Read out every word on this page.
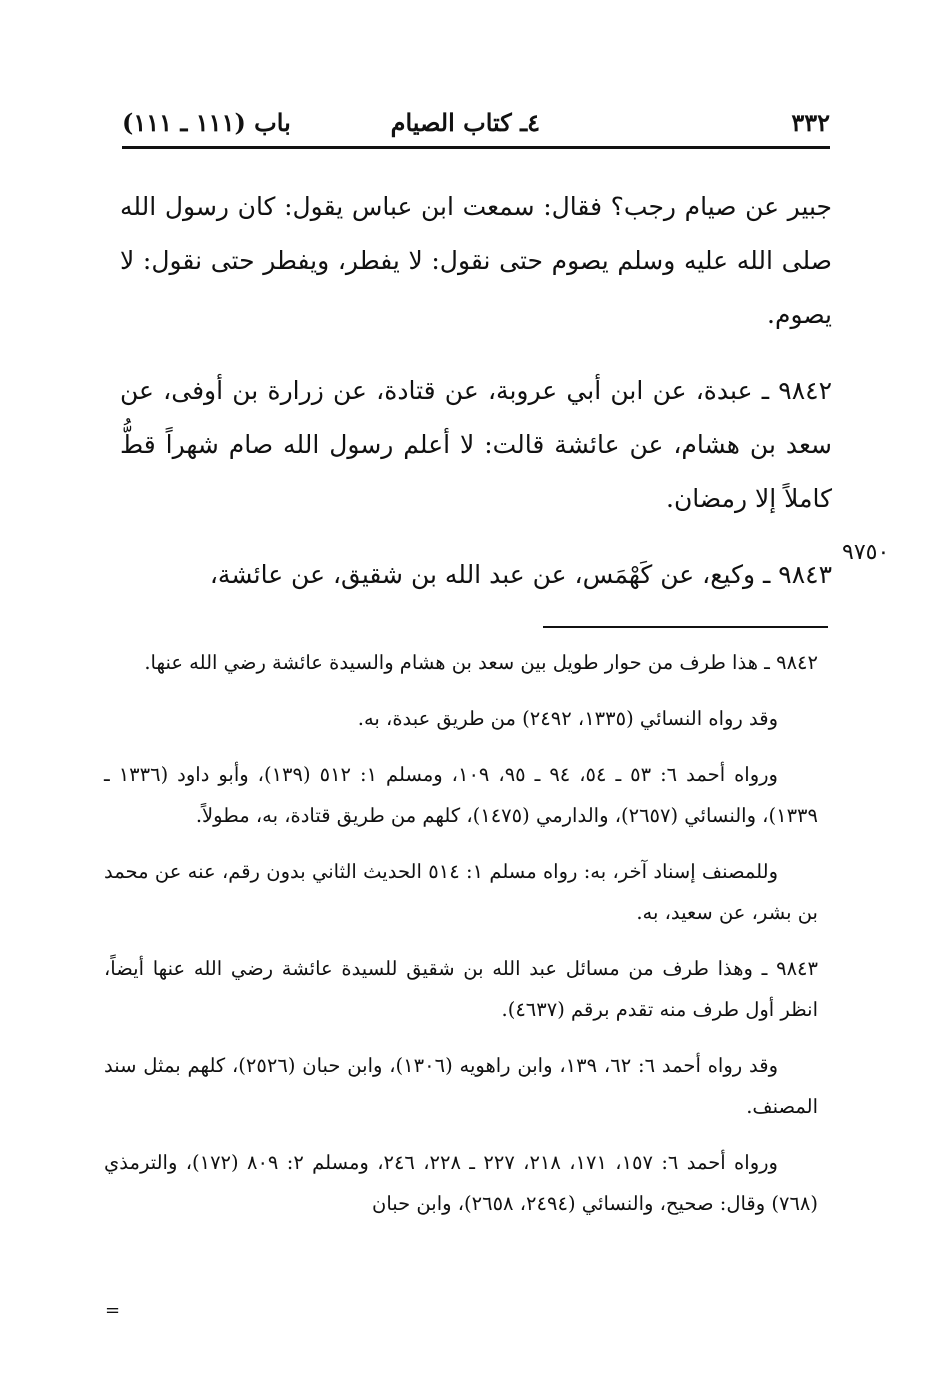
٣٣٢
٤ـ كتاب الصيام
باب (١١١ ـ ١١١)

جبير عن صيام رجب؟ فقال: سمعت ابن عباس يقول: كان رسول الله صلى الله عليه وسلم يصوم حتى نقول: لا يفطر، ويفطر حتى نقول: لا يصوم.

٩٨٤٢ ـ عبدة، عن ابن أبي عروبة، عن قتادة، عن زرارة بن أوفى، عن سعد بن هشام، عن عائشة قالت: لا أعلم رسول الله صام شهراً قطُّ كاملاً إلا رمضان.

٩٨٤٣ ـ وكيع، عن كَهْمَس، عن عبد الله بن شقيق، عن عائشة،

٩٧٥٠

٩٨٤٢ ـ هذا طرف من حوار طويل بين سعد بن هشام والسيدة عائشة رضي الله عنها.

وقد رواه النسائي (١٣٣٥، ٢٤٩٢) من طريق عبدة، به.

ورواه أحمد ٦: ٥٣ ـ ٥٤، ٩٤ ـ ٩٥، ١٠٩، ومسلم ١: ٥١٢ (١٣٩)، وأبو داود (١٣٣٦ ـ ١٣٣٩)، والنسائي (٢٦٥٧)، والدارمي (١٤٧٥)، كلهم من طريق قتادة، به، مطولاً.

وللمصنف إسناد آخر، به: رواه مسلم ١: ٥١٤ الحديث الثاني بدون رقم، عنه عن محمد بن بشر، عن سعيد، به.

٩٨٤٣ ـ وهذا طرف من مسائل عبد الله بن شقيق للسيدة عائشة رضي الله عنها أيضاً، انظر أول طرف منه تقدم برقم (٤٦٣٧).

وقد رواه أحمد ٦: ٦٢، ١٣٩، وابن راهويه (١٣٠٦)، وابن حبان (٢٥٢٦)، كلهم بمثل سند المصنف.

ورواه أحمد ٦: ١٥٧، ١٧١، ٢١٨، ٢٢٧ ـ ٢٢٨، ٢٤٦، ومسلم ٢: ٨٠٩ (١٧٢)، والترمذي (٧٦٨) وقال: صحيح، والنسائي (٢٤٩٤، ٢٦٥٨)، وابن حبان

=
